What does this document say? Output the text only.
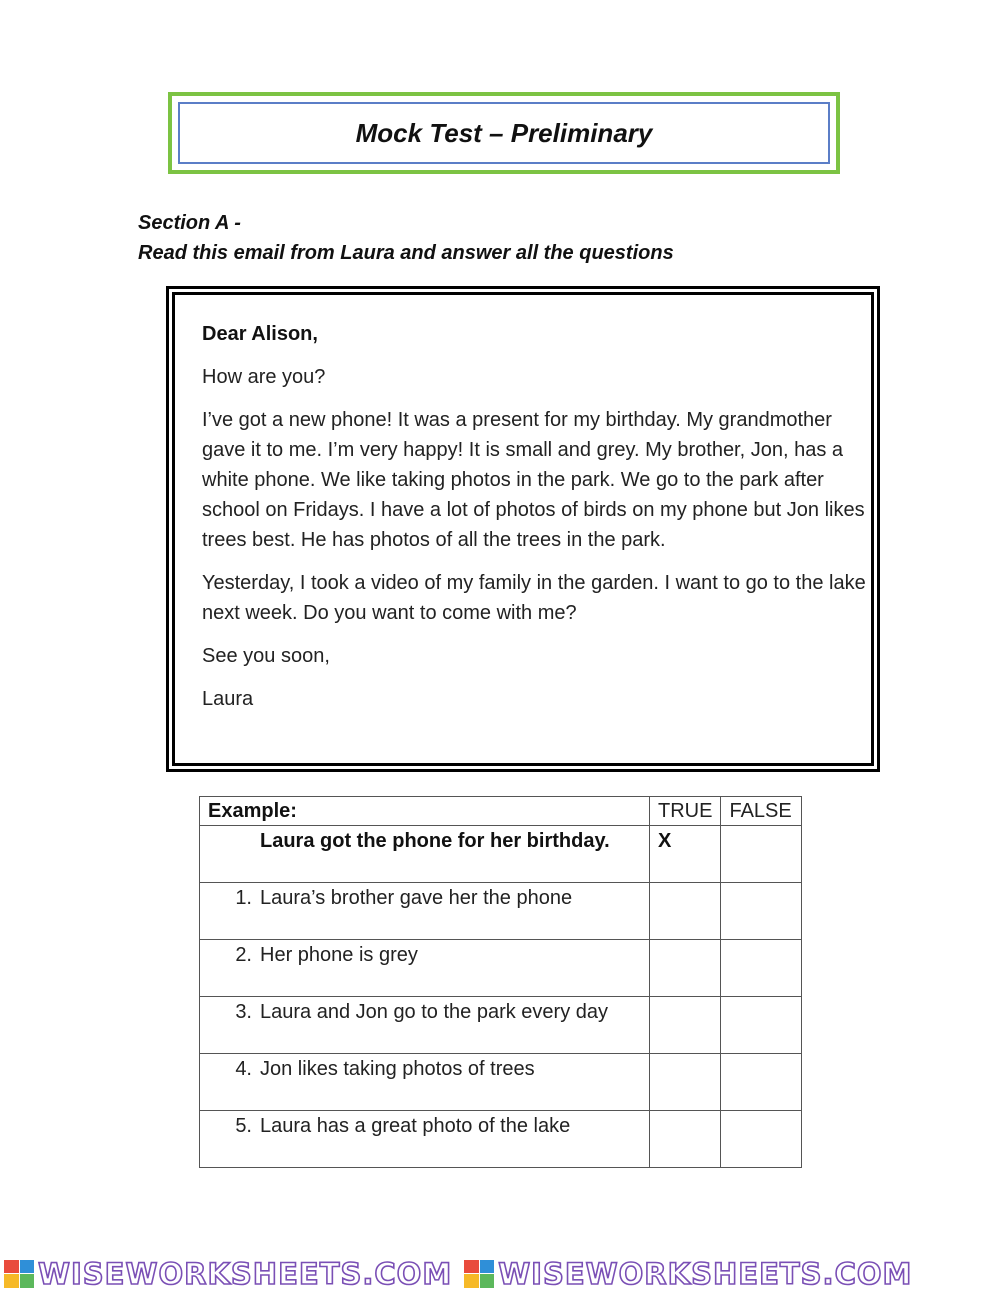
Mock Test – Preliminary
Section A -
Read this email from Laura and answer all the questions

Dear Alison,

How are you?

I’ve got a new phone! It was a present for my birthday. My grandmother gave it to me. I’m very happy! It is small and grey. My brother, Jon, has a white phone. We like taking photos in the park. We go to the park after school on Fridays. I have a lot of photos of birds on my phone but Jon likes trees best. He has photos of all the trees in the park.

Yesterday, I took a video of my family in the garden. I want to go to the lake next week. Do you want to come with me?

See you soon,

Laura

Example:	TRUE	FALSE

Laura got the phone for her birthday.	X	

1. Laura’s brother gave her the phone		

2. Her phone is grey		

3. Laura and Jon go to the park every day		

4. Jon likes taking photos of trees		

5. Laura has a great photo of the lake		

WISEWORKSHEETS.COM WISEWORKSHEETS.COM
